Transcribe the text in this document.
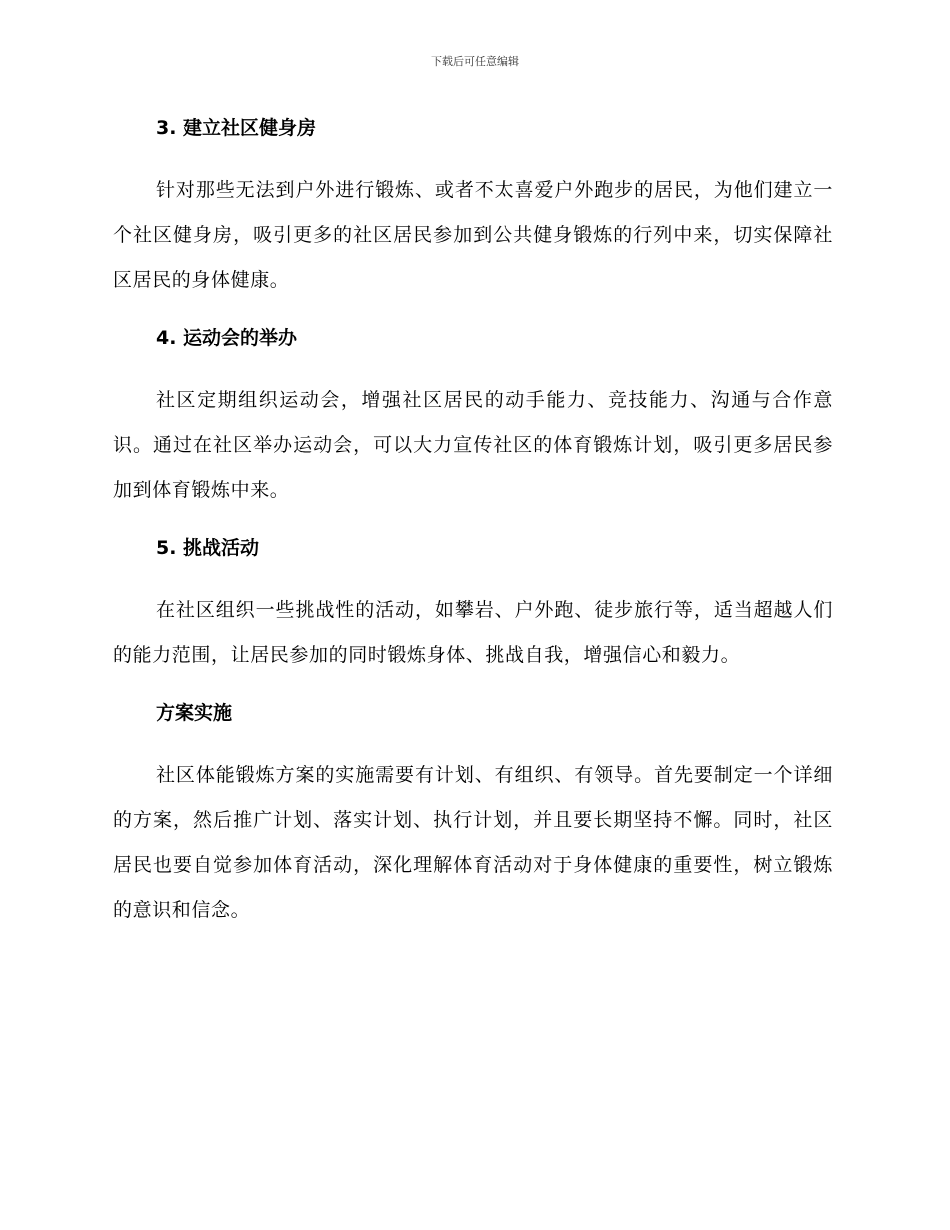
下载后可任意编辑
3. 建立社区健身房

针对那些无法到户外进行锻炼、或者不太喜爱户外跑步的居民，为他们建立一个社区健身房，吸引更多的社区居民参加到公共健身锻炼的行列中来，切实保障社区居民的身体健康。

4. 运动会的举办

社区定期组织运动会，增强社区居民的动手能力、竞技能力、沟通与合作意识。通过在社区举办运动会，可以大力宣传社区的体育锻炼计划，吸引更多居民参加到体育锻炼中来。

5. 挑战活动

在社区组织一些挑战性的活动，如攀岩、户外跑、徒步旅行等，适当超越人们的能力范围，让居民参加的同时锻炼身体、挑战自我，增强信心和毅力。

方案实施

社区体能锻炼方案的实施需要有计划、有组织、有领导。首先要制定一个详细的方案，然后推广计划、落实计划、执行计划，并且要长期坚持不懈。同时，社区居民也要自觉参加体育活动，深化理解体育活动对于身体健康的重要性，树立锻炼的意识和信念。
